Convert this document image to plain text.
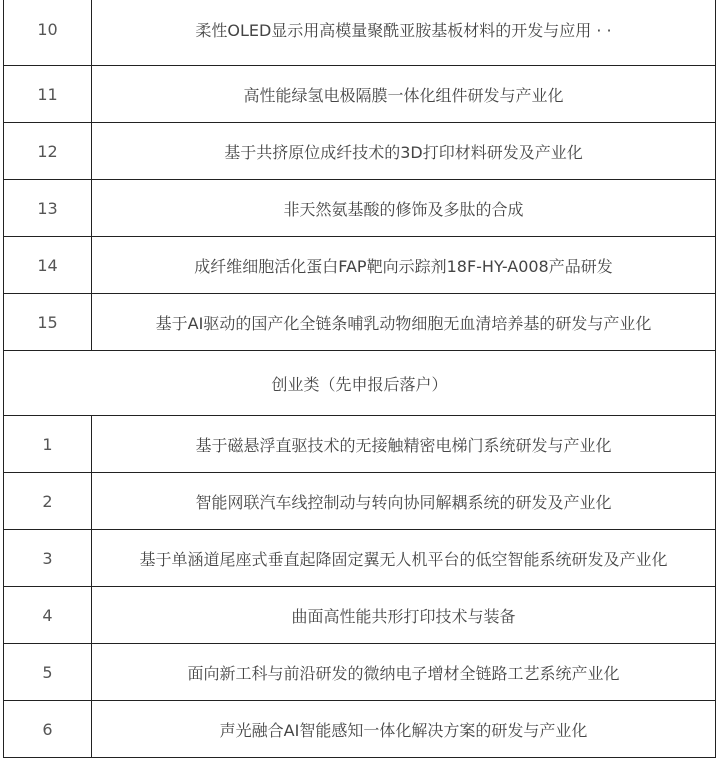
10	柔性OLED显示用高模量聚酰亚胺基板材料的开发与应用 · ·
11	高性能绿氢电极隔膜一体化组件研发与产业化
12	基于共挤原位成纤技术的3D打印材料研发及产业化
13	非天然氨基酸的修饰及多肽的合成
14	成纤维细胞活化蛋白FAP靶向示踪剂18F-HY-A008产品研发
15	基于AI驱动的国产化全链条哺乳动物细胞无血清培养基的研发与产业化
创业类（先申报后落户）	
1	基于磁悬浮直驱技术的无接触精密电梯门系统研发与产业化
2	智能网联汽车线控制动与转向协同解耦系统的研发及产业化
3	基于单涵道尾座式垂直起降固定翼无人机平台的低空智能系统研发及产业化
4	曲面高性能共形打印技术与装备
5	面向新工科与前沿研发的微纳电子增材全链路工艺系统产业化
6	声光融合AI智能感知一体化解决方案的研发与产业化
